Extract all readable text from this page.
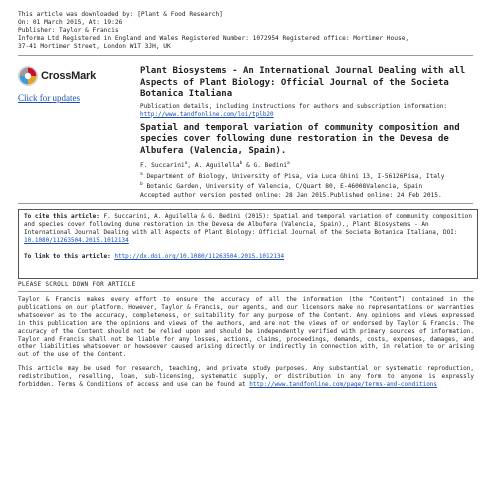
This article was downloaded by: [Plant & Food Research]
On: 01 March 2015, At: 19:26
Publisher: Taylor & Francis
Informa Ltd Registered in England and Wales Registered Number: 1072954 Registered office: Mortimer House,
37-41 Mortimer Street, London W1T 3JH, UK
CrossMark
Click for updates
Plant Biosystems - An International Journal Dealing with all Aspects of Plant Biology: Official Journal of the Societa Botanica Italiana
Publication details, including instructions for authors and subscription information:
http://www.tandfonline.com/loi/tplb20
Spatial and temporal variation of community composition and species cover following dune restoration in the Devesa de Albufera (Valencia, Spain).
F. Succarini$^a$, A. Aguilella$^b$ & G. Bedini$^a$
$^a$ Department of Biology, University of Pisa, via Luca Ghini 13, I-56126Pisa, Italy
$^b$ Botanic Garden, University of Valencia, C/Quart 80, E-46008Valencia, Spain
Accepted author version posted online: 28 Jan 2015.Published online: 24 Feb 2015.
To cite this article: F. Succarini, A. Aguilella & G. Bedini (2015): Spatial and temporal variation of community composition and species cover following dune restoration in the Devesa de Albufera (Valencia, Spain)., Plant Biosystems - An International Journal Dealing with all Aspects of Plant Biology: Official Journal of the Societa Botanica Italiana, DOI: 10.1080/11263504.2015.1012134
To link to this article: http://dx.doi.org/10.1080/11263504.2015.1012134
PLEASE SCROLL DOWN FOR ARTICLE

Taylor & Francis makes every effort to ensure the accuracy of all the information (the “Content”) contained in the publications on our platform. However, Taylor & Francis, our agents, and our licensors make no representations or warranties whatsoever as to the accuracy, completeness, or suitability for any purpose of the Content. Any opinions and views expressed in this publication are the opinions and views of the authors, and are not the views of or endorsed by Taylor & Francis. The accuracy of the Content should not be relied upon and should be independently verified with primary sources of information. Taylor and Francis shall not be liable for any losses, actions, claims, proceedings, demands, costs, expenses, damages, and other liabilities whatsoever or howsoever caused arising directly or indirectly in connection with, in relation to or arising out of the use of the Content.

This article may be used for research, teaching, and private study purposes. Any substantial or systematic reproduction, redistribution, reselling, loan, sub-licensing, systematic supply, or distribution in any form to anyone is expressly forbidden. Terms & Conditions of access and use can be found at http://www.tandfonline.com/page/terms-and-conditions
